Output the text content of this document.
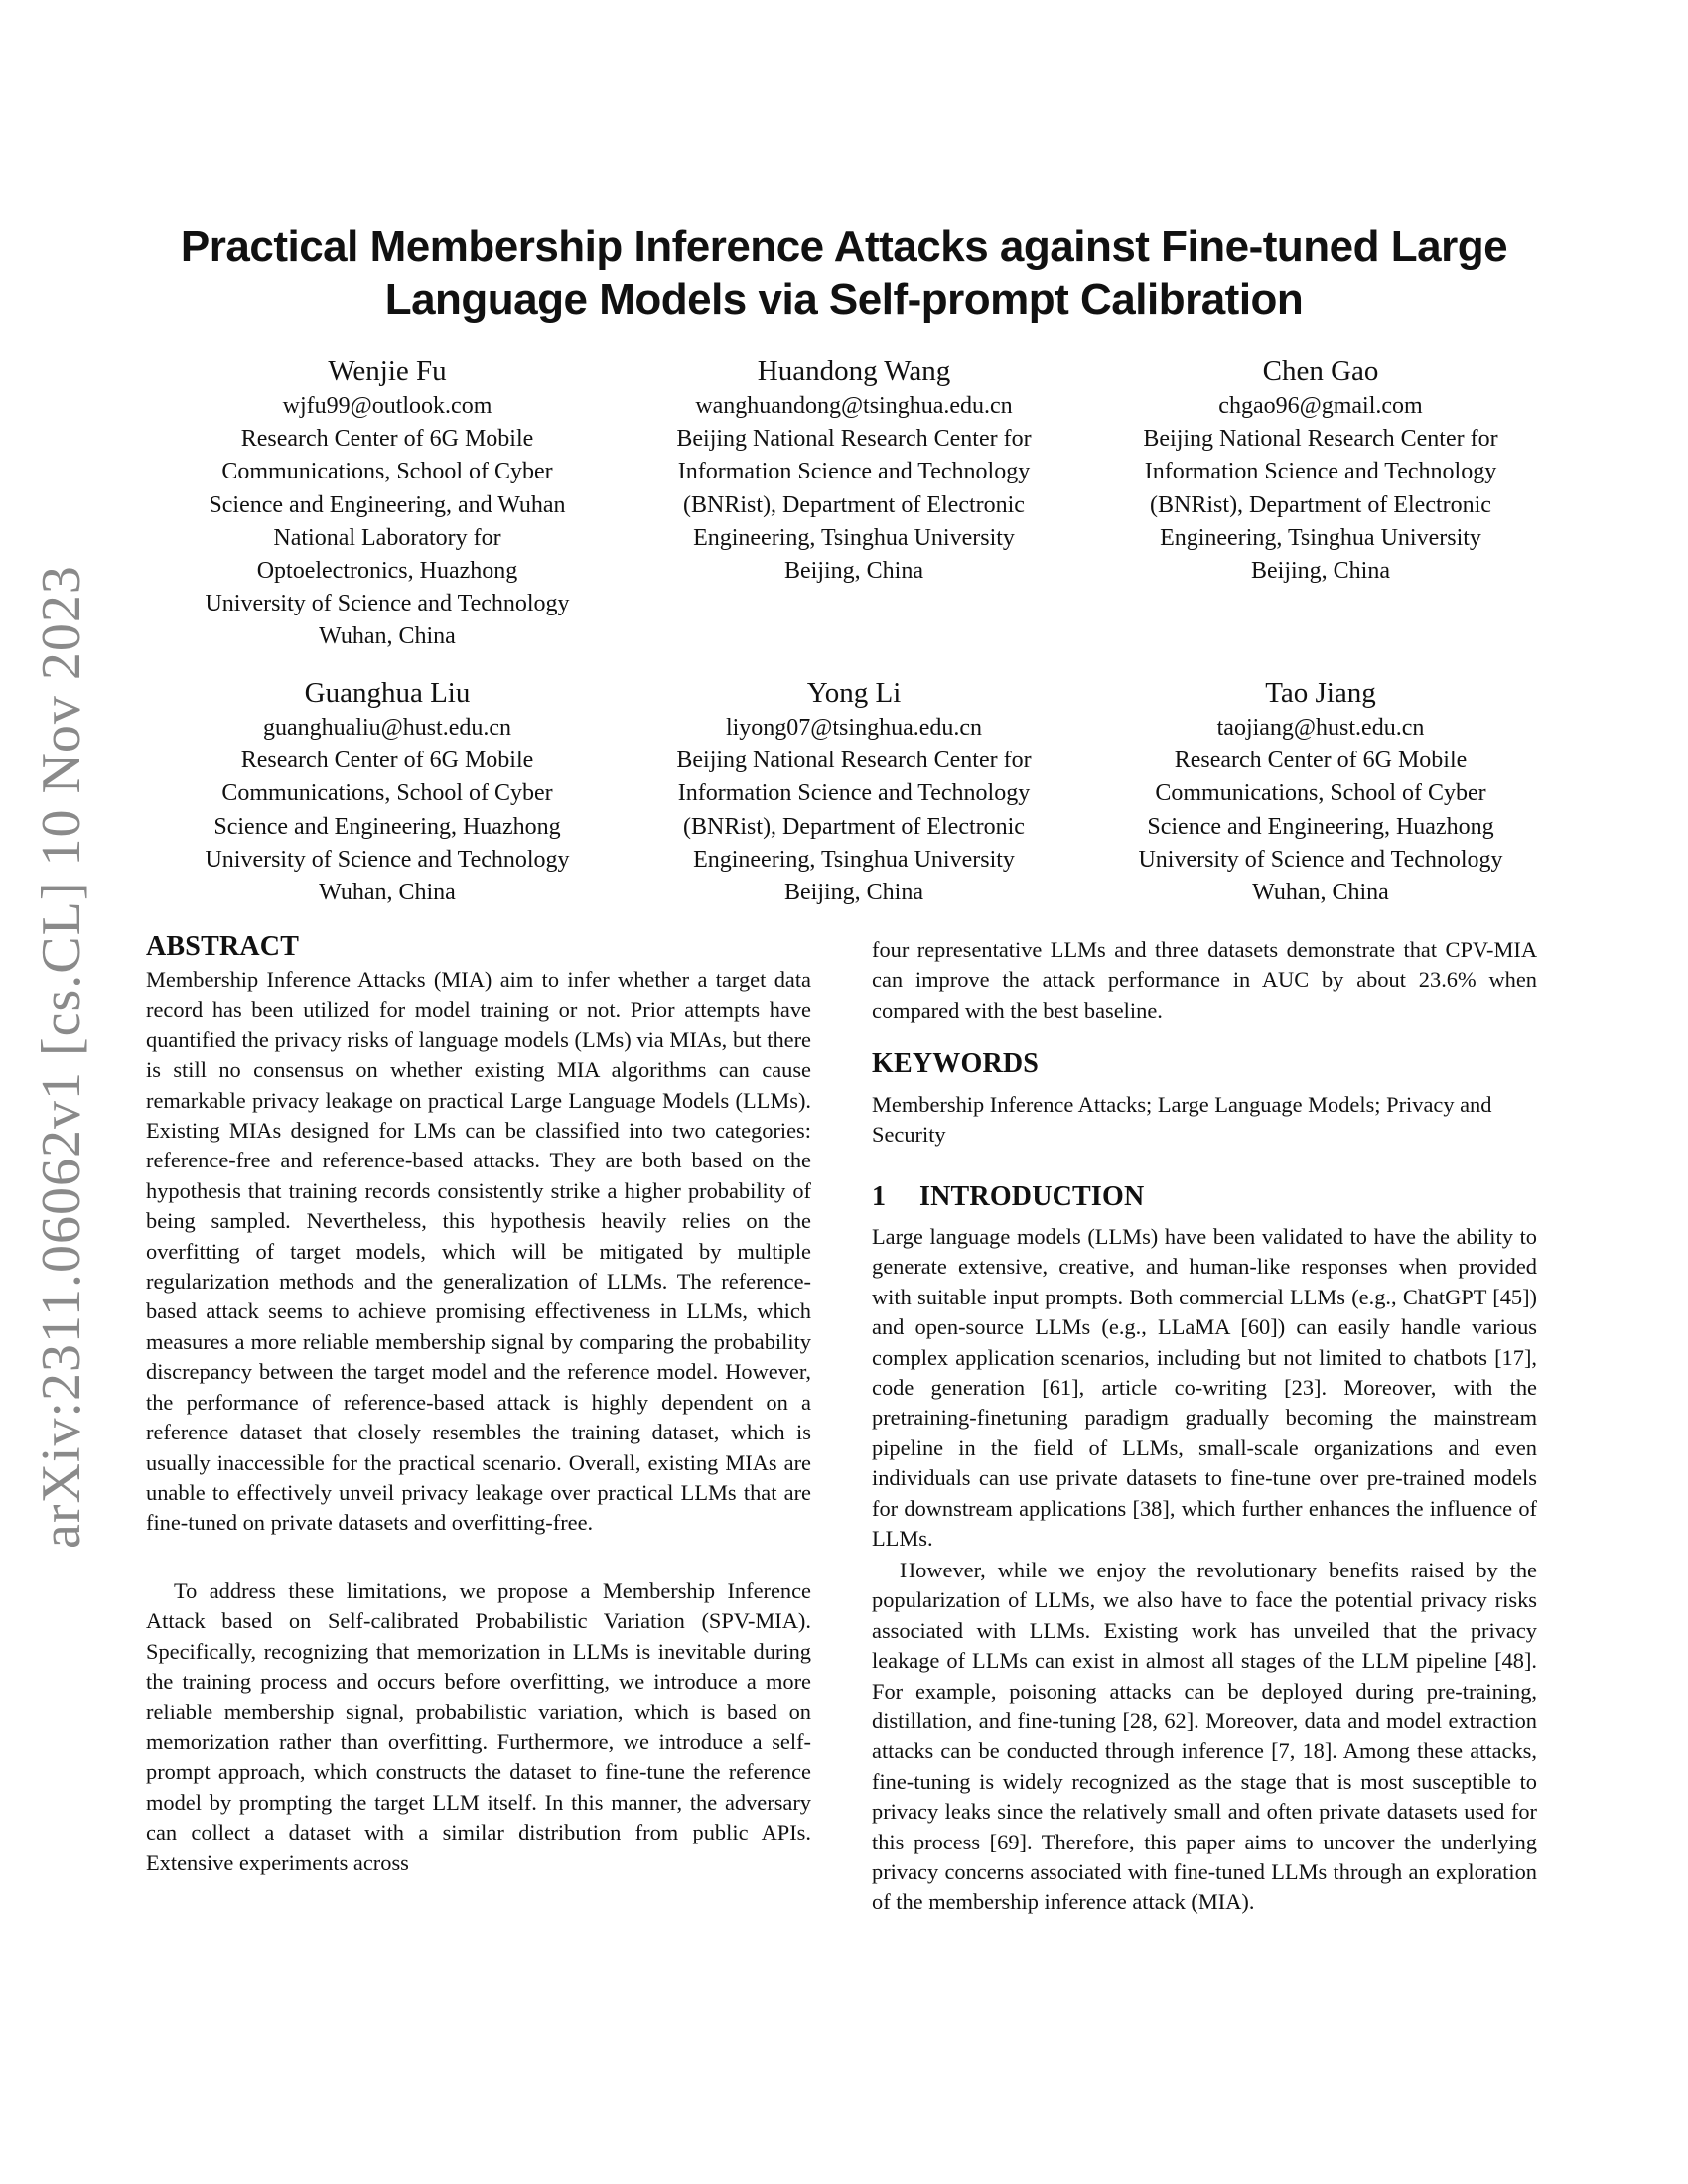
arXiv:2311.06062v1 [cs.CL] 10 Nov 2023
Practical Membership Inference Attacks against Fine-tuned Large Language Models via Self-prompt Calibration
Wenjie Fu
wjfu99@outlook.com
Research Center of 6G Mobile
Communications, School of Cyber
Science and Engineering, and Wuhan
National Laboratory for
Optoelectronics, Huazhong
University of Science and Technology
Wuhan, China
Huandong Wang
wanghuandong@tsinghua.edu.cn
Beijing National Research Center for
Information Science and Technology
(BNRist), Department of Electronic
Engineering, Tsinghua University
Beijing, China
Chen Gao
chgao96@gmail.com
Beijing National Research Center for
Information Science and Technology
(BNRist), Department of Electronic
Engineering, Tsinghua University
Beijing, China
Guanghua Liu
guanghualiu@hust.edu.cn
Research Center of 6G Mobile
Communications, School of Cyber
Science and Engineering, Huazhong
University of Science and Technology
Wuhan, China
Yong Li
liyong07@tsinghua.edu.cn
Beijing National Research Center for
Information Science and Technology
(BNRist), Department of Electronic
Engineering, Tsinghua University
Beijing, China
Tao Jiang
taojiang@hust.edu.cn
Research Center of 6G Mobile
Communications, School of Cyber
Science and Engineering, Huazhong
University of Science and Technology
Wuhan, China
ABSTRACT

Membership Inference Attacks (MIA) aim to infer whether a target data record has been utilized for model training or not. Prior attempts have quantified the privacy risks of language models (LMs) via MIAs, but there is still no consensus on whether existing MIA algorithms can cause remarkable privacy leakage on practical Large Language Models (LLMs). Existing MIAs designed for LMs can be classified into two categories: reference-free and reference-based attacks. They are both based on the hypothesis that training records consistently strike a higher probability of being sampled. Nevertheless, this hypothesis heavily relies on the overfitting of target models, which will be mitigated by multiple regularization methods and the generalization of LLMs. The reference-based attack seems to achieve promising effectiveness in LLMs, which measures a more reliable membership signal by comparing the probability discrepancy between the target model and the reference model. However, the performance of reference-based attack is highly dependent on a reference dataset that closely resembles the training dataset, which is usually inaccessible for the practical scenario. Overall, existing MIAs are unable to effectively unveil privacy leakage over practical LLMs that are fine-tuned on private datasets and overfitting-free.

To address these limitations, we propose a Membership Inference Attack based on Self-calibrated Probabilistic Variation (SPV-MIA). Specifically, recognizing that memorization in LLMs is inevitable during the training process and occurs before overfitting, we introduce a more reliable membership signal, probabilistic variation, which is based on memorization rather than overfitting. Furthermore, we introduce a self-prompt approach, which constructs the dataset to fine-tune the reference model by prompting the target LLM itself. In this manner, the adversary can collect a dataset with a similar distribution from public APIs. Extensive experiments across

four representative LLMs and three datasets demonstrate that CPV-MIA can improve the attack performance in AUC by about 23.6% when compared with the best baseline.

KEYWORDS

Membership Inference Attacks; Large Language Models; Privacy and Security

1 INTRODUCTION

Large language models (LLMs) have been validated to have the ability to generate extensive, creative, and human-like responses when provided with suitable input prompts. Both commercial LLMs (e.g., ChatGPT [45]) and open-source LLMs (e.g., LLaMA [60]) can easily handle various complex application scenarios, including but not limited to chatbots [17], code generation [61], article co-writing [23]. Moreover, with the pretraining-finetuning paradigm gradually becoming the mainstream pipeline in the field of LLMs, small-scale organizations and even individuals can use private datasets to fine-tune over pre-trained models for downstream applications [38], which further enhances the influence of LLMs.

However, while we enjoy the revolutionary benefits raised by the popularization of LLMs, we also have to face the potential privacy risks associated with LLMs. Existing work has unveiled that the privacy leakage of LLMs can exist in almost all stages of the LLM pipeline [48]. For example, poisoning attacks can be deployed during pre-training, distillation, and fine-tuning [28, 62]. Moreover, data and model extraction attacks can be conducted through inference [7, 18]. Among these attacks, fine-tuning is widely recognized as the stage that is most susceptible to privacy leaks since the relatively small and often private datasets used for this process [69]. Therefore, this paper aims to uncover the underlying privacy concerns associated with fine-tuned LLMs through an exploration of the membership inference attack (MIA).
